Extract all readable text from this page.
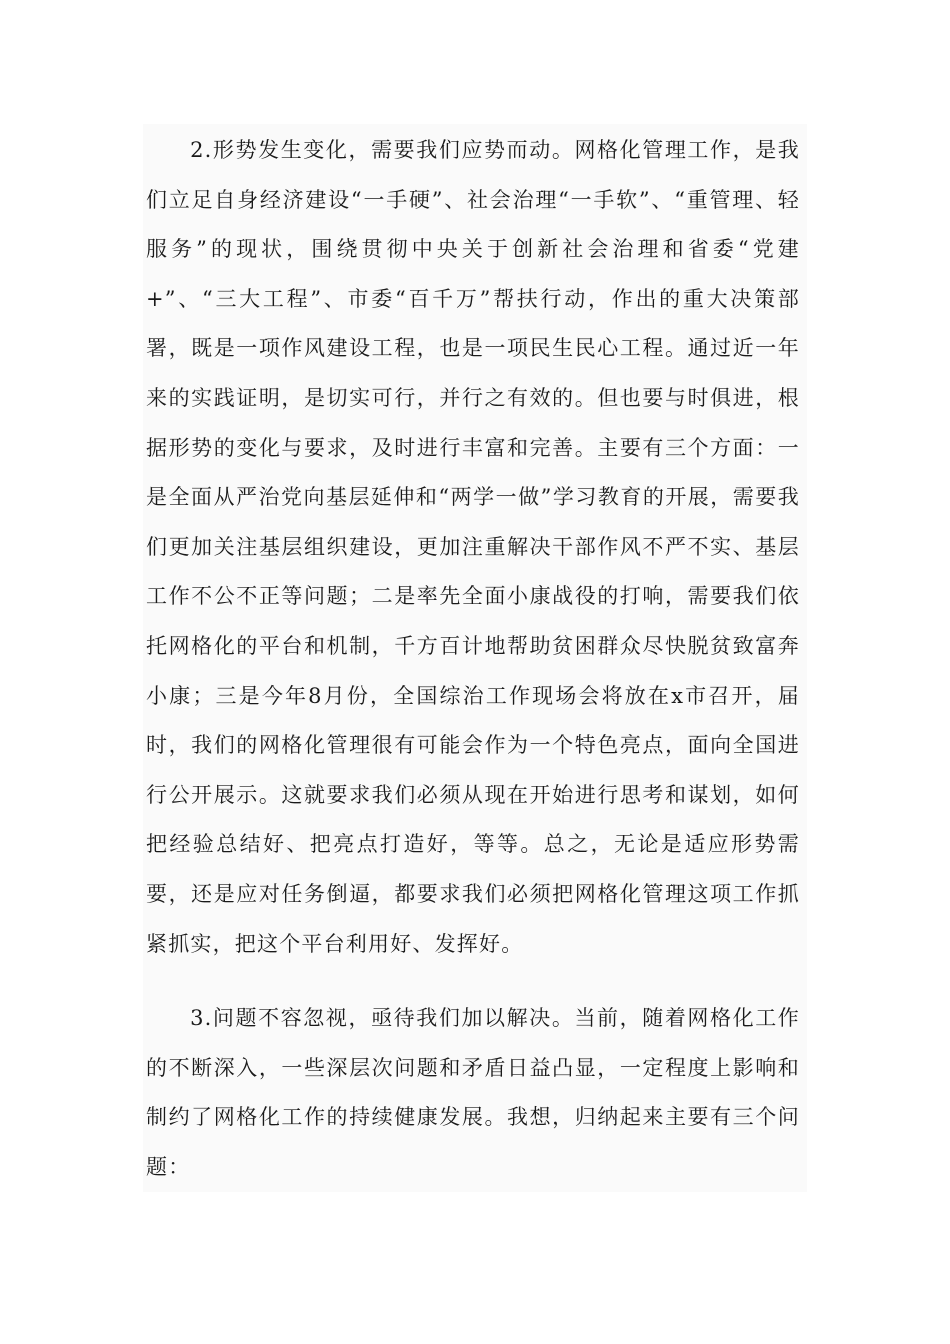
2.形势发生变化，需要我们应势而动。网格化管理工作，是我们立足自身经济建设“一手硬”、社会治理“一手软”、“重管理、轻服务”的现状，围绕贯彻中央关于创新社会治理和省委“党建+”、“三大工程”、市委“百千万”帮扶行动，作出的重大决策部署，既是一项作风建设工程，也是一项民生民心工程。通过近一年来的实践证明，是切实可行，并行之有效的。但也要与时俱进，根据形势的变化与要求，及时进行丰富和完善。主要有三个方面：一是全面从严治党向基层延伸和“两学一做”学习教育的开展，需要我们更加关注基层组织建设，更加注重解决干部作风不严不实、基层工作不公不正等问题；二是率先全面小康战役的打响，需要我们依托网格化的平台和机制，千方百计地帮助贫困群众尽快脱贫致富奔小康；三是今年8月份，全国综治工作现场会将放在x市召开，届时，我们的网格化管理很有可能会作为一个特色亮点，面向全国进行公开展示。这就要求我们必须从现在开始进行思考和谋划，如何把经验总结好、把亮点打造好，等等。总之，无论是适应形势需要，还是应对任务倒逼，都要求我们必须把网格化管理这项工作抓紧抓实，把这个平台利用好、发挥好。

3.问题不容忽视，亟待我们加以解决。当前，随着网格化工作的不断深入，一些深层次问题和矛盾日益凸显，一定程度上影响和制约了网格化工作的持续健康发展。我想，归纳起来主要有三个问题：
